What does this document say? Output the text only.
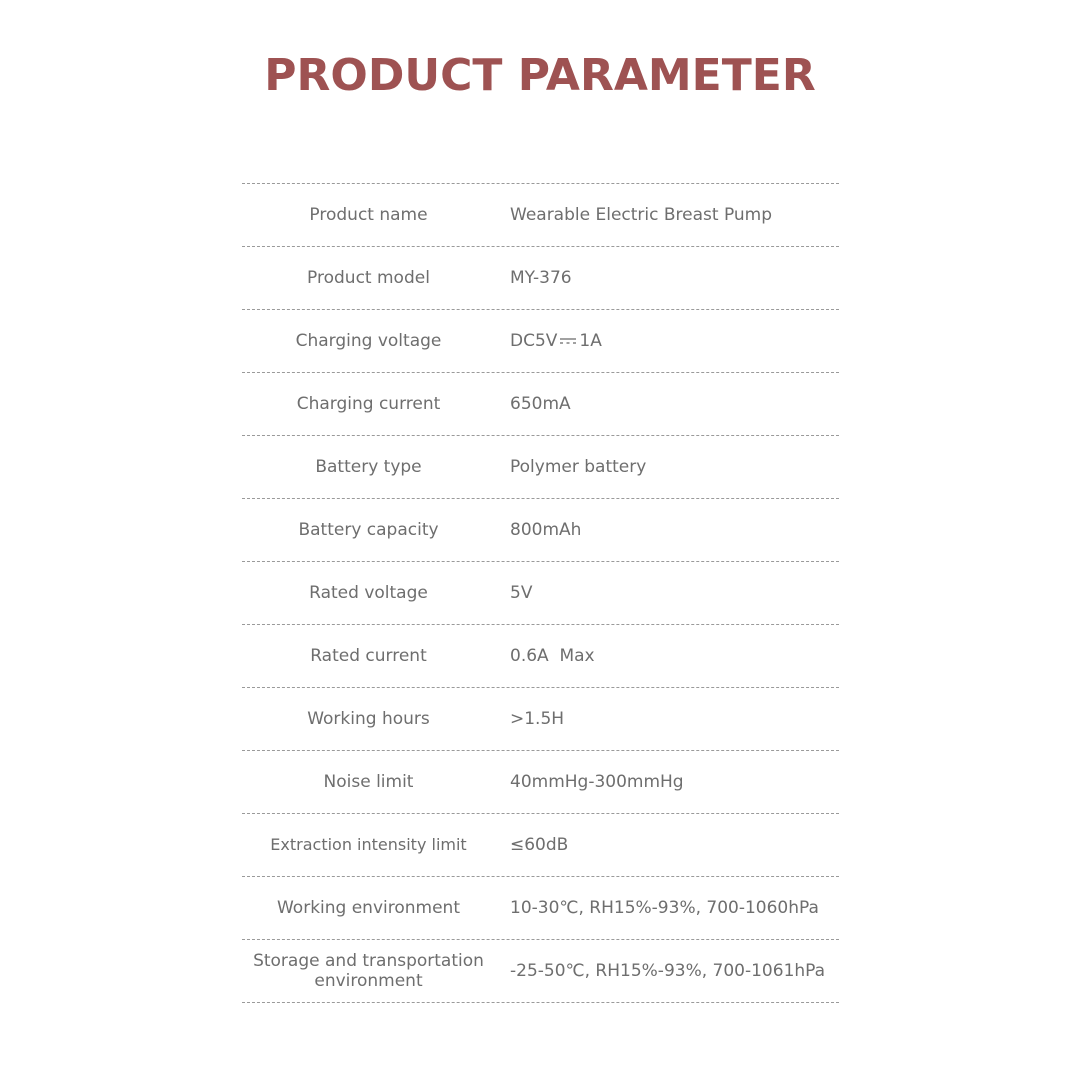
PRODUCT PARAMETER
Product name	Wearable Electric Breast Pump
Product model	MY-376
Charging voltage	DC5V 1A
Charging current	650mA
Battery type	Polymer battery
Battery capacity	800mAh
Rated voltage	5V
Rated current	0.6A  Max
Working hours	>1.5H
Noise limit	40mmHg-300mmHg
Extraction intensity limit	≤60dB
Working environment	10-30℃, RH15%-93%, 700-1060hPa
Storage and transportation
environment	-25-50℃, RH15%-93%, 700-1061hPa
